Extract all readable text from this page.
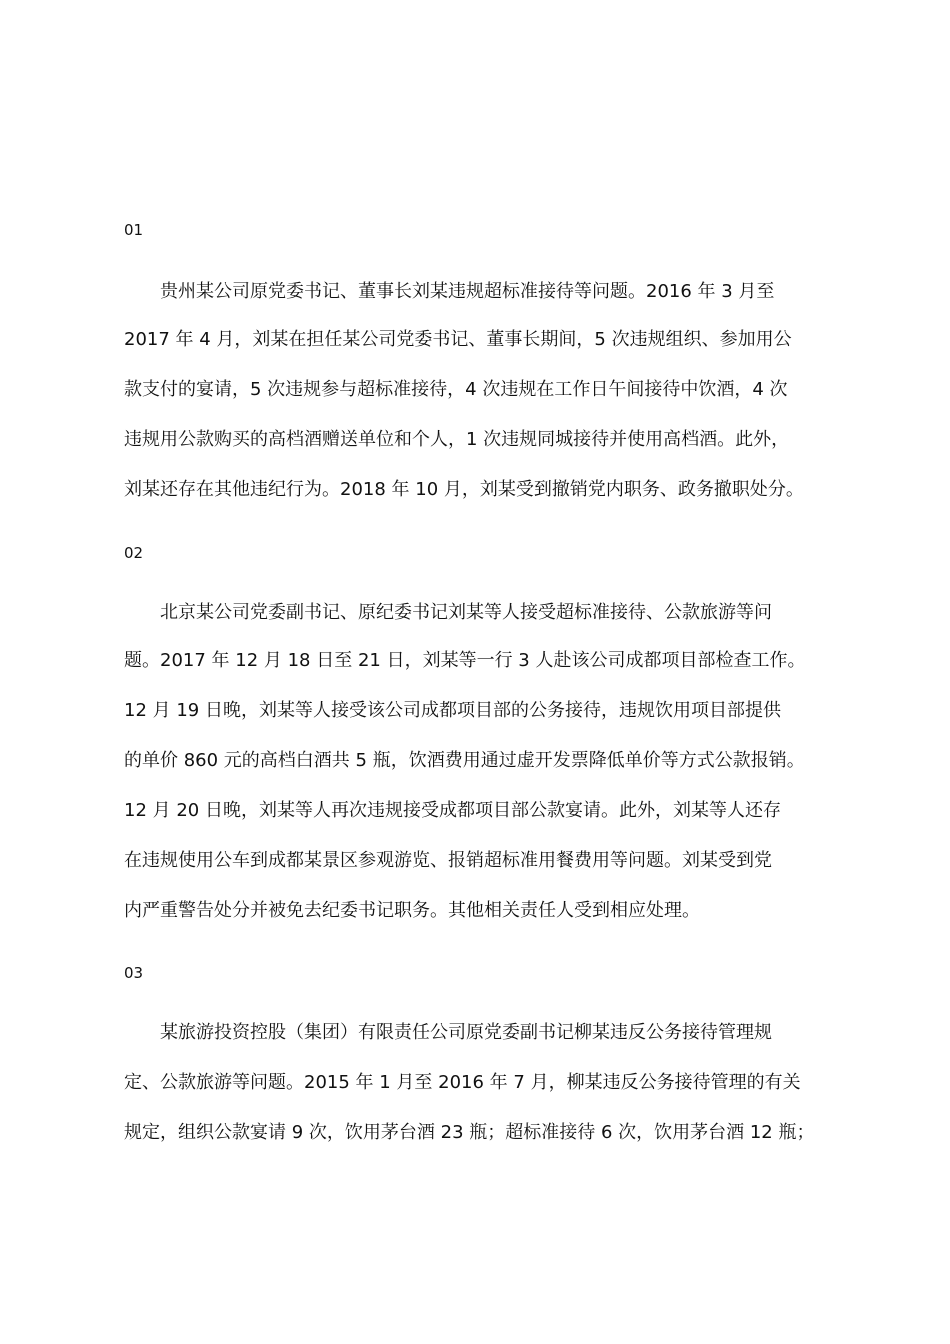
01
贵州某公司原党委书记、董事长刘某违规超标准接待等问题。2016 年 3 月至
2017 年 4 月，刘某在担任某公司党委书记、董事长期间，5 次违规组织、参加用公
款支付的宴请，5 次违规参与超标准接待，4 次违规在工作日午间接待中饮酒，4 次
违规用公款购买的高档酒赠送单位和个人，1 次违规同城接待并使用高档酒。此外，
刘某还存在其他违纪行为。2018 年 10 月，刘某受到撤销党内职务、政务撤职处分。
02
北京某公司党委副书记、原纪委书记刘某等人接受超标准接待、公款旅游等问
题。2017 年 12 月 18 日至 21 日，刘某等一行 3 人赴该公司成都项目部检查工作。
12 月 19 日晚，刘某等人接受该公司成都项目部的公务接待，违规饮用项目部提供
的单价 860 元的高档白酒共 5 瓶，饮酒费用通过虚开发票降低单价等方式公款报销。
12 月 20 日晚，刘某等人再次违规接受成都项目部公款宴请。此外，刘某等人还存
在违规使用公车到成都某景区参观游览、报销超标准用餐费用等问题。刘某受到党
内严重警告处分并被免去纪委书记职务。其他相关责任人受到相应处理。
03
某旅游投资控股（集团）有限责任公司原党委副书记柳某违反公务接待管理规
定、公款旅游等问题。2015 年 1 月至 2016 年 7 月，柳某违反公务接待管理的有关
规定，组织公款宴请 9 次，饮用茅台酒 23 瓶；超标准接待 6 次，饮用茅台酒 12 瓶；
